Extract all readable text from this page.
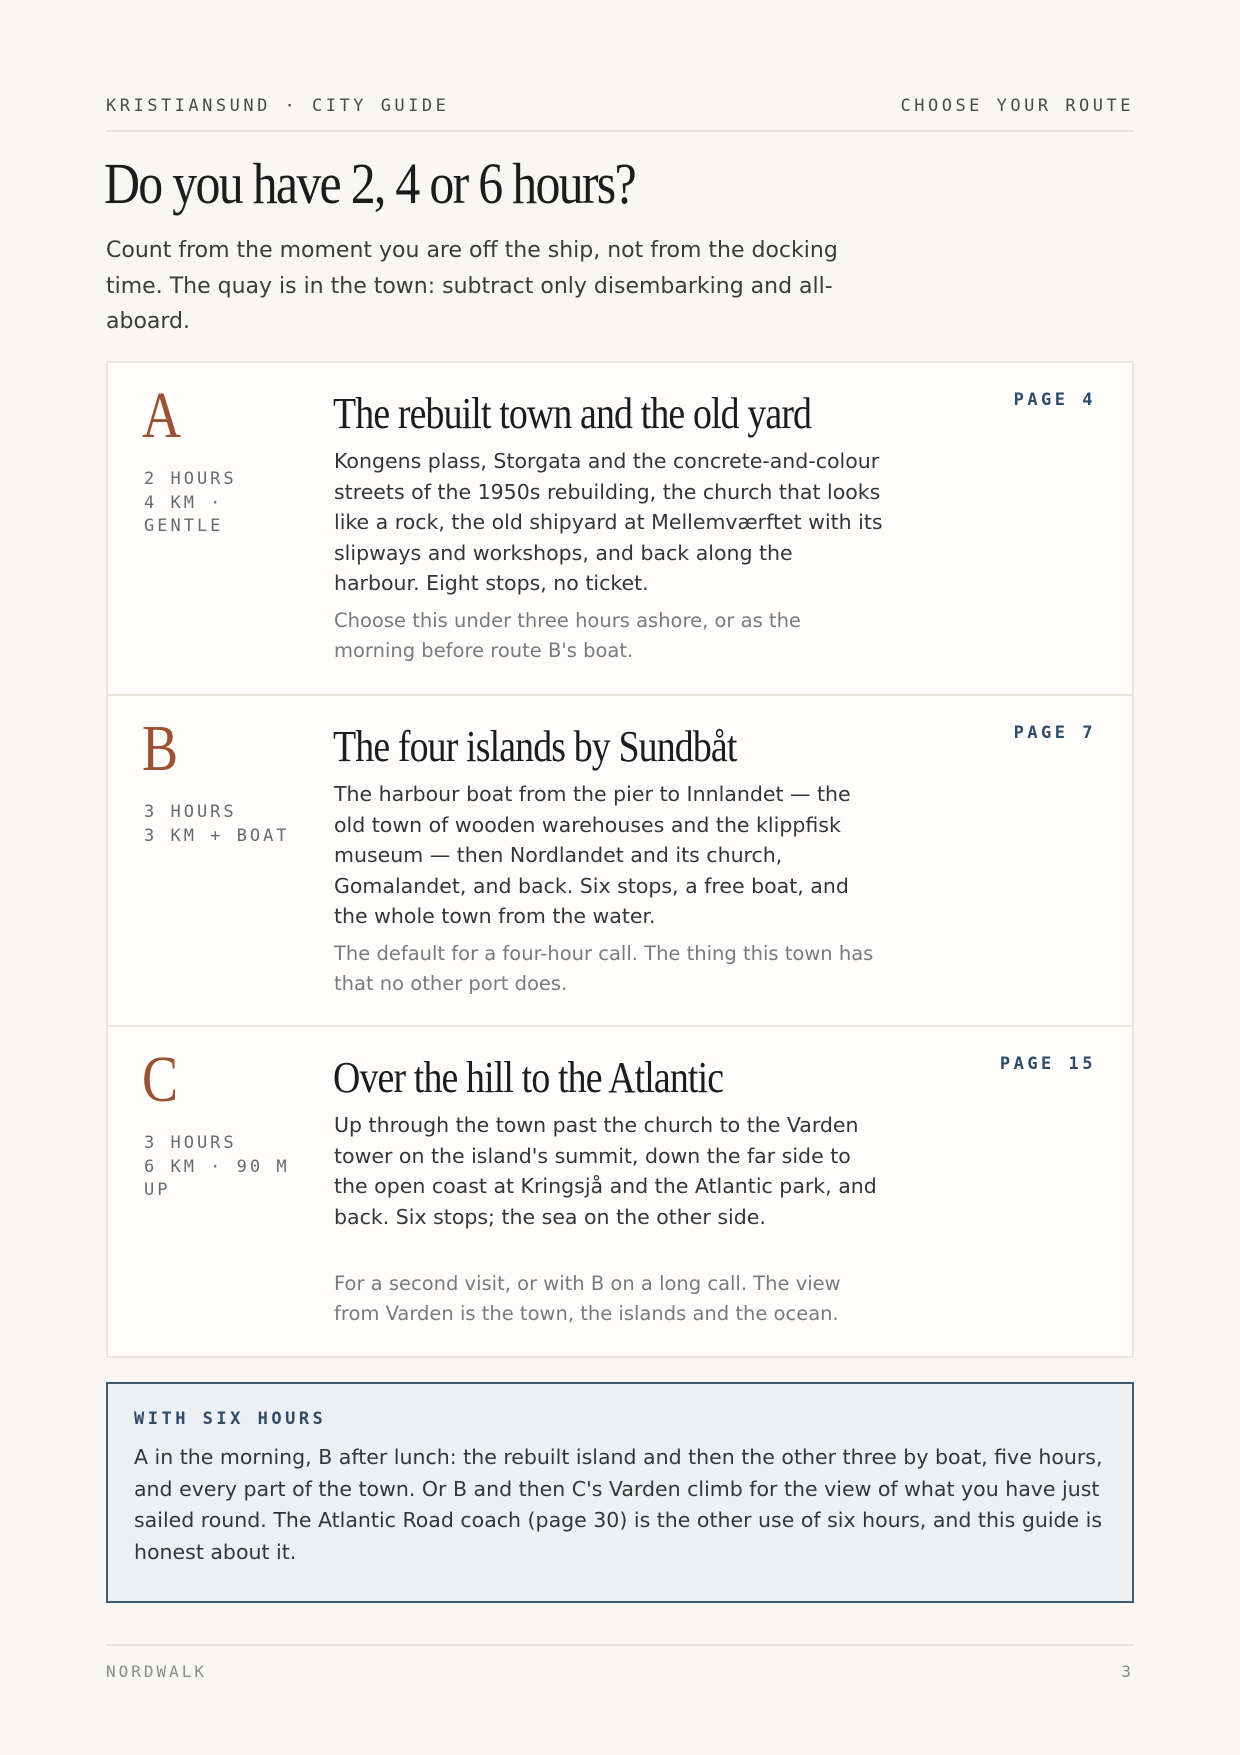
KRISTIANSUND · CITY GUIDE	CHOOSE YOUR ROUTE
Do you have 2, 4 or 6 hours?

Count from the moment you are off the ship, not from the docking time. The quay is in the town: subtract only disembarking and all-aboard.

A
2 HOURS
4 KM ·
GENTLE
The rebuilt town and the old yard

Kongens plass, Storgata and the concrete-and-colour streets of the 1950s rebuilding, the church that looks like a rock, the old shipyard at Mellemværftet with its slipways and workshops, and back along the harbour. Eight stops, no ticket.

Choose this under three hours ashore, or as the morning before route B's boat.

PAGE 4
B
3 HOURS
3 KM + BOAT
The four islands by Sundbåt

The harbour boat from the pier to Innlandet — the old town of wooden warehouses and the klippfisk museum — then Nordlandet and its church, Gomalandet, and back. Six stops, a free boat, and the whole town from the water.

The default for a four-hour call. The thing this town has that no other port does.

PAGE 7
C
3 HOURS
6 KM · 90 M
UP
Over the hill to the Atlantic

Up through the town past the church to the Varden tower on the island's summit, down the far side to the open coast at Kringsjå and the Atlantic park, and back. Six stops; the sea on the other side.

For a second visit, or with B on a long call. The view from Varden is the town, the islands and the ocean.

PAGE 15
WITH SIX HOURS

A in the morning, B after lunch: the rebuilt island and then the other three by boat, five hours, and every part of the town. Or B and then C's Varden climb for the view of what you have just sailed round. The Atlantic Road coach (page 30) is the other use of six hours, and this guide is honest about it.

NORDWALK	3
